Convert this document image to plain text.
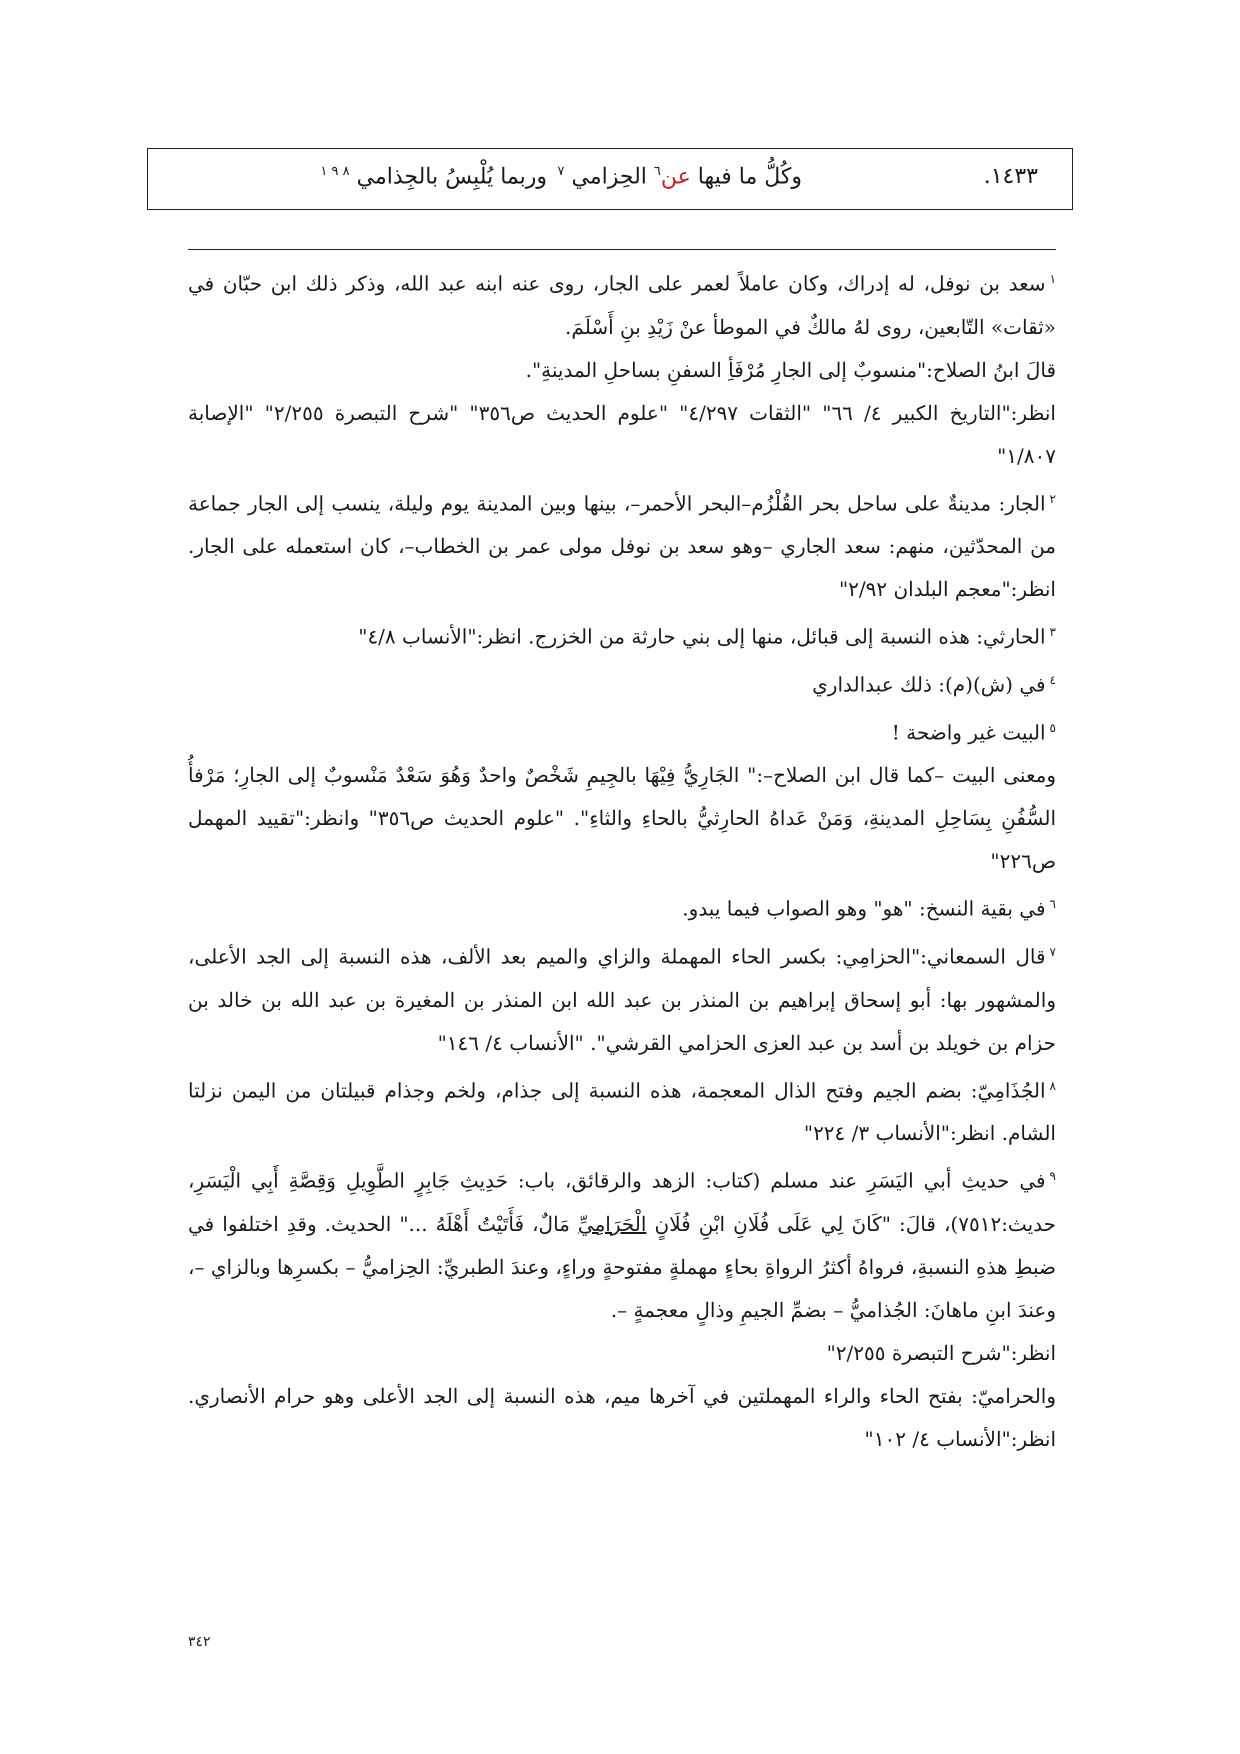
١٤٣٣.
وكُلُّ ما فيها عن$^٦$ الحِزامي $^٧$
وربما يُلْبِسُ بالجِذامي $^{٨ ٩ ١}$

$^١$سعد بن نوفل، له إدراك، وكان عاملاً لعمر على الجار، روى عنه ابنه عبد الله، وذكر ذلك ابن حبّان في «ثقات» التّابعين، روى لهُ مالكٌ في الموطأ عنْ زَيْدِ بنِ أَسْلَمَ.

قالَ ابنُ الصلاح:"منسوبٌ إلى الجارِ مُرْفَأِ السفنِ بساحلِ المدينةِ".

انظر:"التاريخ الكبير ٤/ ٦٦" "الثقات ٤/٢٩٧" "علوم الحديث ص٣٥٦" "شرح التبصرة ٢/٢٥٥" "الإصابة ١/٨٠٧"

$^٢$الجار: مدينةٌ على ساحل بحر القُلْزُم–البحر الأحمر–، بينها وبين المدينة يوم وليلة، ينسب إلى الجار جماعة من المحدّثين، منهم: سعد الجاري –وهو سعد بن نوفل مولى عمر بن الخطاب–، كان استعمله على الجار. انظر:"معجم البلدان ٢/٩٢"

$^٣$الحارثي: هذه النسبة إلى قبائل، منها إلى بني حارثة من الخزرج. انظر:"الأنساب ٤/٨"

$^٤$في (ش)(م): ذلك عبدالداري

$^٥$البيت غير واضحة !

ومعنى البيت –كما قال ابن الصلاح–:" الجَارِيُّ فِيْهَا بالجِيمِ شَخْصٌ واحدٌ وَهُوَ سَعْدٌ مَنْسوبٌ إلى الجارِ؛ مَرْفأُ السُّفُنِ بِسَاحِلِ المدينةِ، وَمَنْ عَداهُ الحارِثيُّ بالحاءِ والثاءِ". "علوم الحديث ص٣٥٦" وانظر:"تقييد المهمل ص٢٢٦"

$^٦$في بقية النسخ: "هو" وهو الصواب فيما يبدو.

$^٧$قال السمعاني:"الحزامِي: بكسر الحاء المهملة والزاي والميم بعد الألف، هذه النسبة إلى الجد الأعلى، والمشهور بها: أبو إسحاق إبراهيم بن المنذر بن عبد الله ابن المنذر بن المغيرة بن عبد الله بن خالد بن حزام بن خويلد بن أسد بن عبد العزى الحزامي القرشي". "الأنساب ٤/ ١٤٦"

$^٨$الجُذَامِيّ: بضم الجيم وفتح الذال المعجمة، هذه النسبة إلى جذام، ولخم وجذام قبيلتان من اليمن نزلتا الشام. انظر:"الأنساب ٣/ ٢٢٤"

$^٩$في حديثِ أبي اليَسَرِ عند مسلم (كتاب: الزهد والرقائق، باب: حَدِيثِ جَابِرٍ الطَّوِيلِ وَقِصَّةِ أَبِي الْيَسَرِ، حديث:٧٥١٢)، قالَ: "كَانَ لِي عَلَى فُلَانِ ابْنِ فُلَانٍ الْحَرَامِيِّ مَالٌ، فَأَتَيْتُ أَهْلَهُ ..." الحديث. وقدِ اختلفوا في ضبطِ هذهِ النسبةِ، فرواهُ أكثرُ الرواةِ بحاءٍ مهملةٍ مفتوحةٍ وراءٍ، وعندَ الطبريِّ: الحِزاميُّ – بكسرِها وبالزاي –، وعندَ ابنِ ماهانَ: الجُذاميُّ – بضمِّ الجيمِ وذالٍ معجمةٍ –.

انظر:"شرح التبصرة ٢/٢٥٥"

والحراميّ: بفتح الحاء والراء المهملتين في آخرها ميم، هذه النسبة إلى الجد الأعلى وهو حرام الأنصاري. انظر:"الأنساب ٤/ ١٠٢"

٣٤٢
